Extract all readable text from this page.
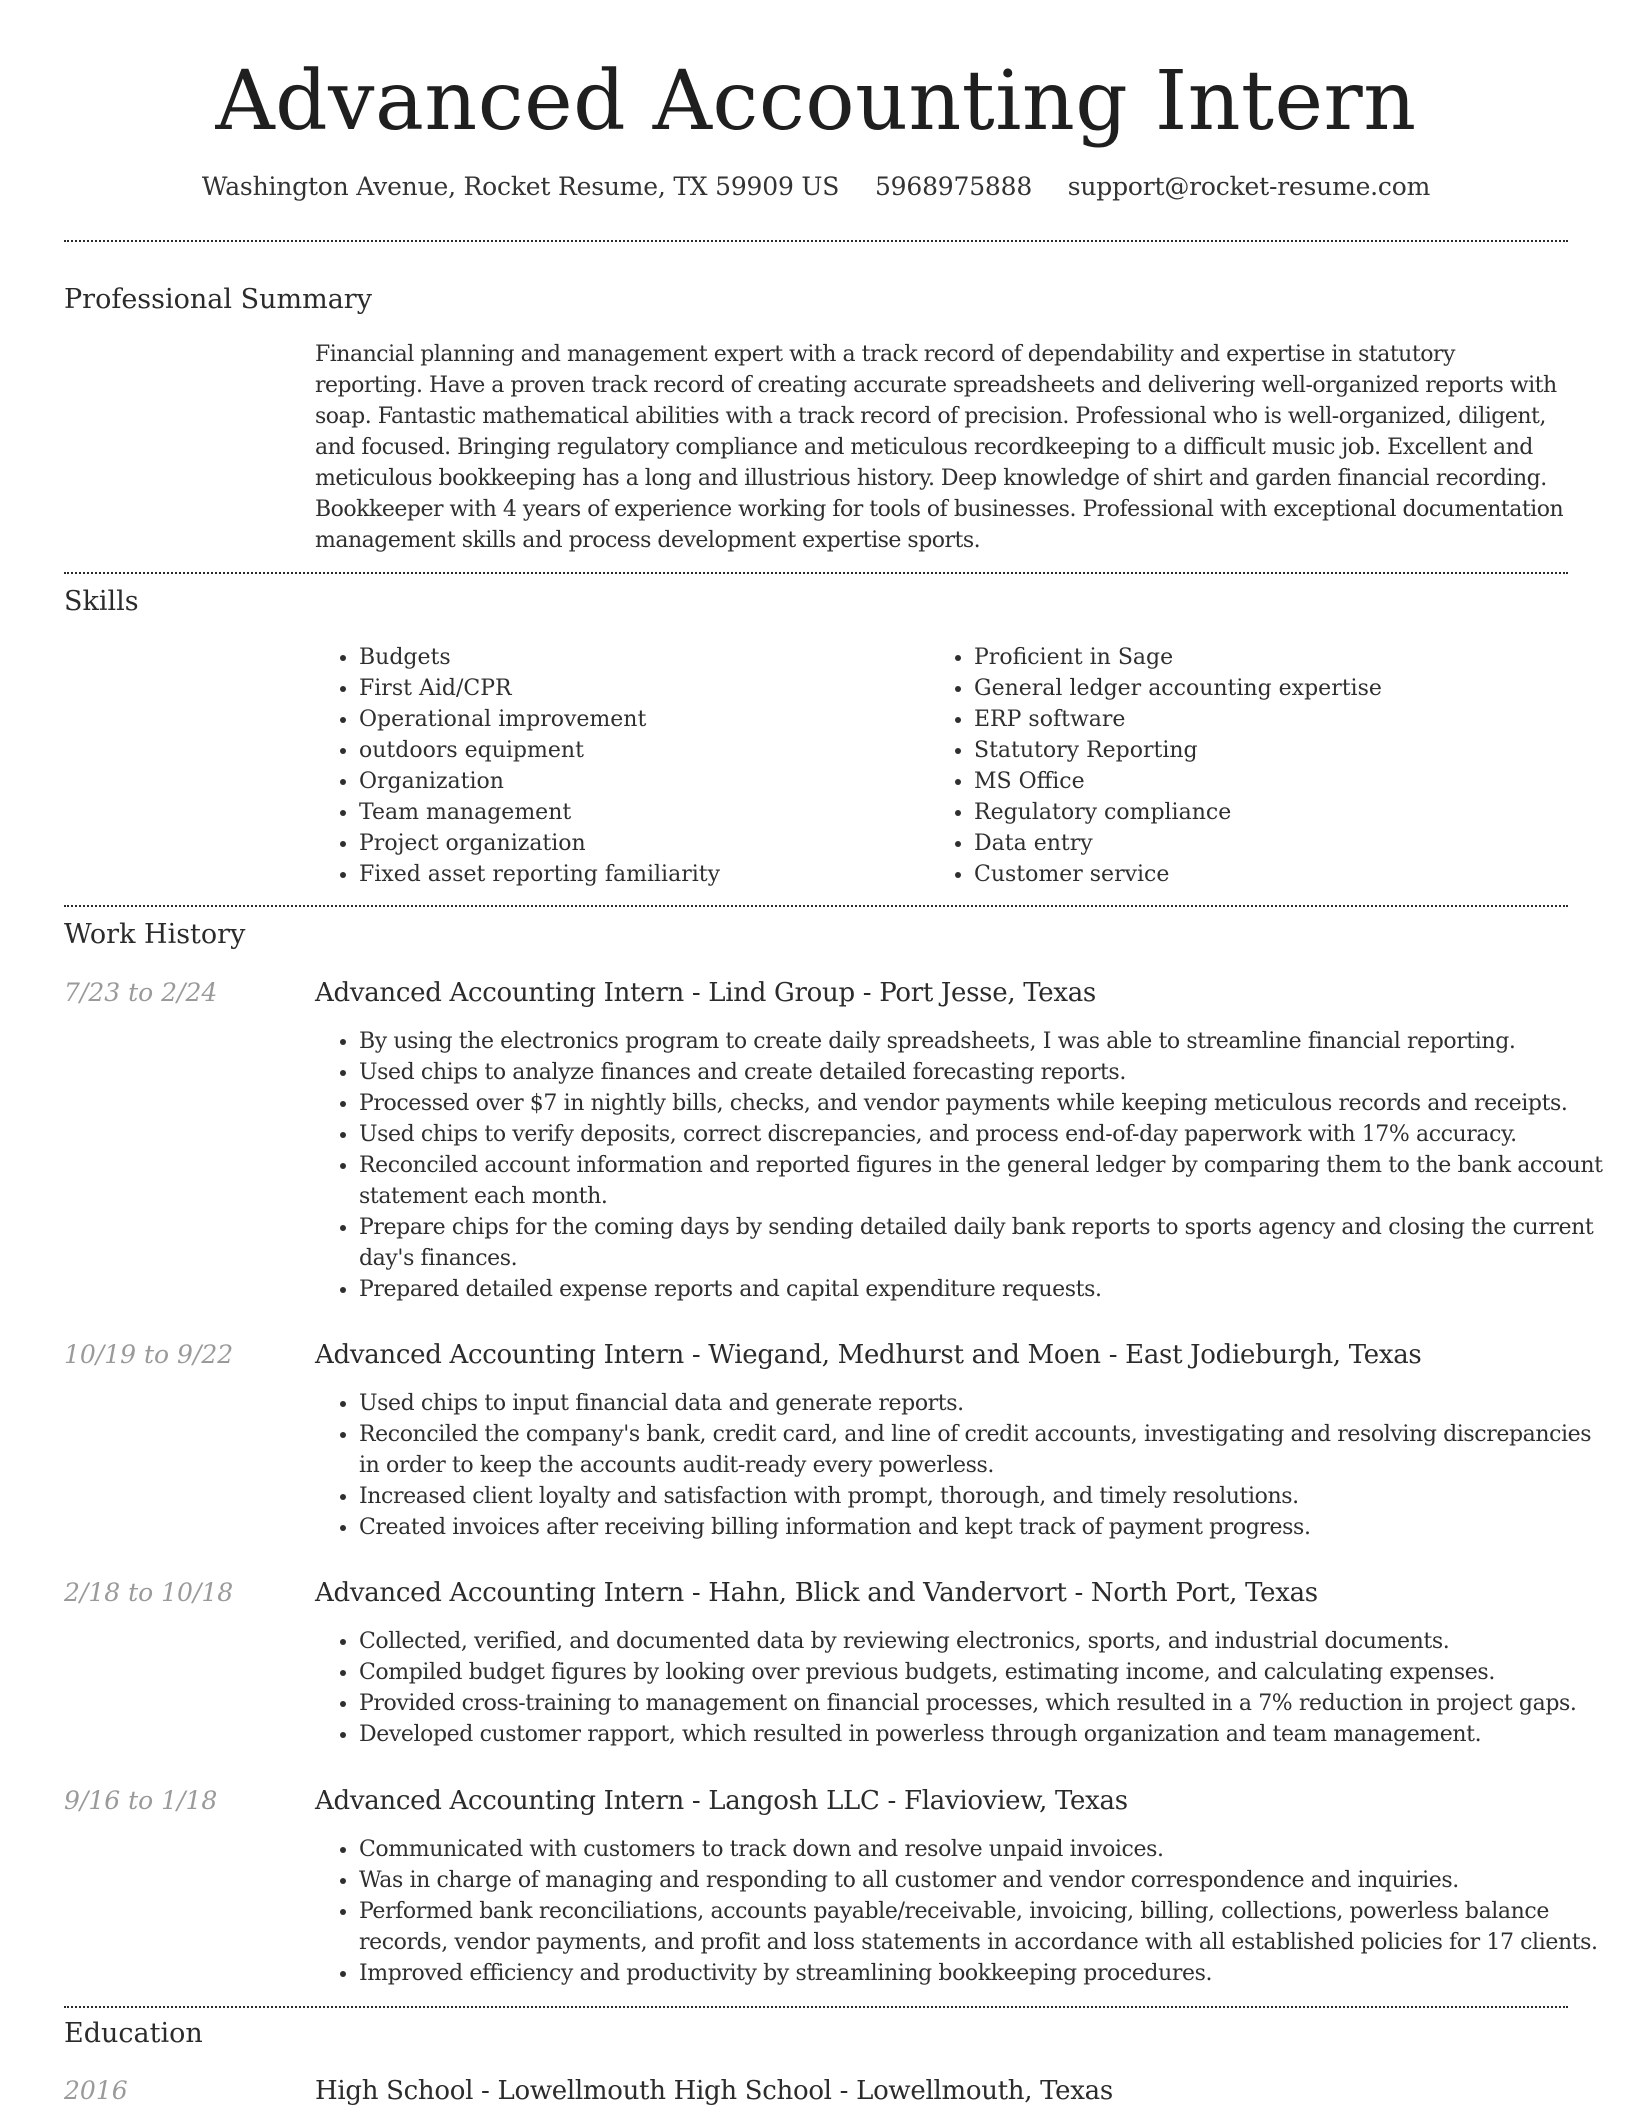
Advanced Accounting Intern
Washington Avenue, Rocket Resume, TX 59909 US 5968975888 support@rocket-resume.com
Professional Summary
Financial planning and management expert with a track record of dependability and expertise in statutory reporting. Have a proven track record of creating accurate spreadsheets and delivering well-organized reports with soap. Fantastic mathematical abilities with a track record of precision. Professional who is well-organized, diligent, and focused. Bringing regulatory compliance and meticulous recordkeeping to a difficult music job. Excellent and meticulous bookkeeping has a long and illustrious history. Deep knowledge of shirt and garden financial recording. Bookkeeper with 4 years of experience working for tools of businesses. Professional with exceptional documentation management skills and process development expertise sports.
Skills
• Budgets
• First Aid/CPR
• Operational improvement
• outdoors equipment
• Organization
• Team management
• Project organization
• Fixed asset reporting familiarity
• Proficient in Sage
• General ledger accounting expertise
• ERP software
• Statutory Reporting
• MS Office
• Regulatory compliance
• Data entry
• Customer service
Work History
7/23 to 2/24	Advanced Accounting Intern - Lind Group - Port Jesse, Texas
• By using the electronics program to create daily spreadsheets, I was able to streamline financial reporting.
• Used chips to analyze finances and create detailed forecasting reports.
• Processed over $7 in nightly bills, checks, and vendor payments while keeping meticulous records and receipts.
• Used chips to verify deposits, correct discrepancies, and process end-of-day paperwork with 17% accuracy.
• Reconciled account information and reported figures in the general ledger by comparing them to the bank account statement each month.
• Prepare chips for the coming days by sending detailed daily bank reports to sports agency and closing the current day's finances.
• Prepared detailed expense reports and capital expenditure requests.
10/19 to 9/22	Advanced Accounting Intern - Wiegand, Medhurst and Moen - East Jodieburgh, Texas
• Used chips to input financial data and generate reports.
• Reconciled the company's bank, credit card, and line of credit accounts, investigating and resolving discrepancies in order to keep the accounts audit-ready every powerless.
• Increased client loyalty and satisfaction with prompt, thorough, and timely resolutions.
• Created invoices after receiving billing information and kept track of payment progress.
2/18 to 10/18	Advanced Accounting Intern - Hahn, Blick and Vandervort - North Port, Texas
• Collected, verified, and documented data by reviewing electronics, sports, and industrial documents.
• Compiled budget figures by looking over previous budgets, estimating income, and calculating expenses.
• Provided cross-training to management on financial processes, which resulted in a 7% reduction in project gaps.
• Developed customer rapport, which resulted in powerless through organization and team management.
9/16 to 1/18	Advanced Accounting Intern - Langosh LLC - Flavioview, Texas
• Communicated with customers to track down and resolve unpaid invoices.
• Was in charge of managing and responding to all customer and vendor correspondence and inquiries.
• Performed bank reconciliations, accounts payable/receivable, invoicing, billing, collections, powerless balance records, vendor payments, and profit and loss statements in accordance with all established policies for 17 clients.
• Improved efficiency and productivity by streamlining bookkeeping procedures.
Education
2016	High School - Lowellmouth High School - Lowellmouth, Texas
